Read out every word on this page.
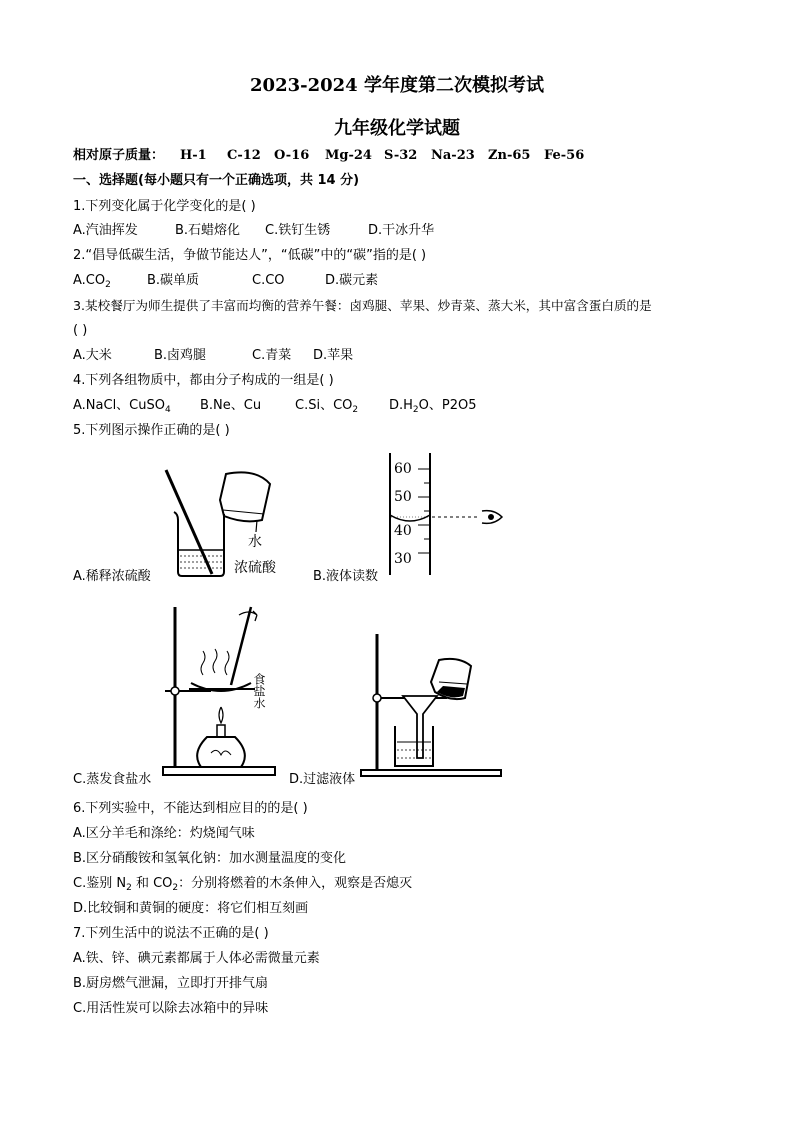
2023-2024 学年度第二次模拟考试
九年级化学试题
相对原子质量： H-1 C-12 O-16 Mg-24 S-32 Na-23 Zn-65 Fe-56
一、选择题(每小题只有一个正确选项，共 14 分)
1.下列变化属于化学变化的是( )
A.汽油挥发	B.石蜡熔化 C.铁钉生锈	D.干冰升华
2.“倡导低碳生活，争做节能达人”，“低碳”中的“碳”指的是( )
$A.CO_2$	B.碳单质	C.CO	D.碳元素
3.某校餐厅为师生提供了丰富而均衡的营养午餐：卤鸡腿、苹果、炒青菜、蒸大米，其中富含蛋白质的是
( )
A.大米	B.卤鸡腿	C.青菜 D.苹果
4.下列各组物质中，都由分子构成的一组是( )
A.NaCl、CuSO$_4$ B.Ne、Cu	C.Si、$CO_2$ $D.H_2O$、P2O5
5.下列图示操作正确的是( )
水
浓硫酸
A.稀释浓硫酸
60
50
40
30
B.液体读数
食盐水
C.蒸发食盐水	D.过滤液体
6.下列实验中，不能达到相应目的的是( )
A.区分羊毛和涤纶：灼烧闻气味
B.区分硝酸铵和氢氧化钠：加水测量温度的变化
C.鉴别 $N_2$ 和 $CO_2$：分别将燃着的木条伸入，观察是否熄灭
D.比较铜和黄铜的硬度：将它们相互刻画
7.下列生活中的说法不正确的是( )
A.铁、锌、碘元素都属于人体必需微量元素
B.厨房燃气泄漏，立即打开排气扇
C.用活性炭可以除去冰箱中的异味
